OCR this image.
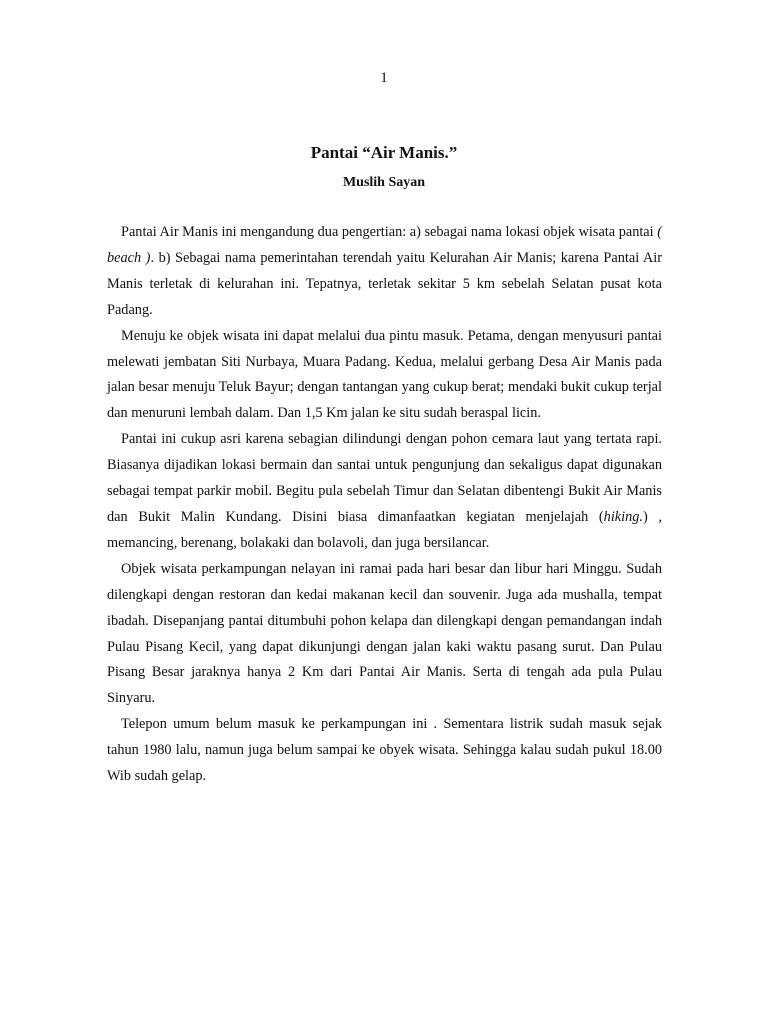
1
Pantai “Air Manis.”
Muslih Sayan

Pantai Air Manis ini mengandung dua pengertian: a) sebagai nama lokasi objek wisata pantai ( beach ). b) Sebagai nama pemerintahan terendah yaitu Kelurahan Air Manis; karena Pantai Air Manis terletak di kelurahan ini. Tepatnya, terletak sekitar 5 km sebelah Selatan pusat kota Padang.

Menuju ke objek wisata ini dapat melalui dua pintu masuk. Petama, dengan menyusuri pantai melewati jembatan Siti Nurbaya, Muara Padang. Kedua, melalui gerbang Desa Air Manis pada jalan besar menuju Teluk Bayur; dengan tantangan yang cukup berat; mendaki bukit cukup terjal dan menuruni lembah dalam. Dan 1,5 Km jalan ke situ sudah beraspal licin.

Pantai ini cukup asri karena sebagian dilindungi dengan pohon cemara laut yang tertata rapi. Biasanya dijadikan lokasi bermain dan santai untuk pengunjung dan sekaligus dapat digunakan sebagai tempat parkir mobil. Begitu pula sebelah Timur dan Selatan dibentengi Bukit Air Manis dan Bukit Malin Kundang. Disini biasa dimanfaatkan kegiatan menjelajah (hiking.) , memancing, berenang, bolakaki dan bolavoli, dan juga bersilancar.

Objek wisata perkampungan nelayan ini ramai pada hari besar dan libur hari Minggu. Sudah dilengkapi dengan restoran dan kedai makanan kecil dan souvenir. Juga ada mushalla, tempat ibadah. Disepanjang pantai ditumbuhi pohon kelapa dan dilengkapi dengan pemandangan indah Pulau Pisang Kecil, yang dapat dikunjungi dengan jalan kaki waktu pasang surut. Dan Pulau Pisang Besar jaraknya hanya 2 Km dari Pantai Air Manis. Serta di tengah ada pula Pulau Sinyaru.

Telepon umum belum masuk ke perkampungan ini . Sementara listrik sudah masuk sejak tahun 1980 lalu, namun juga belum sampai ke obyek wisata. Sehingga kalau sudah pukul 18.00 Wib sudah gelap.
